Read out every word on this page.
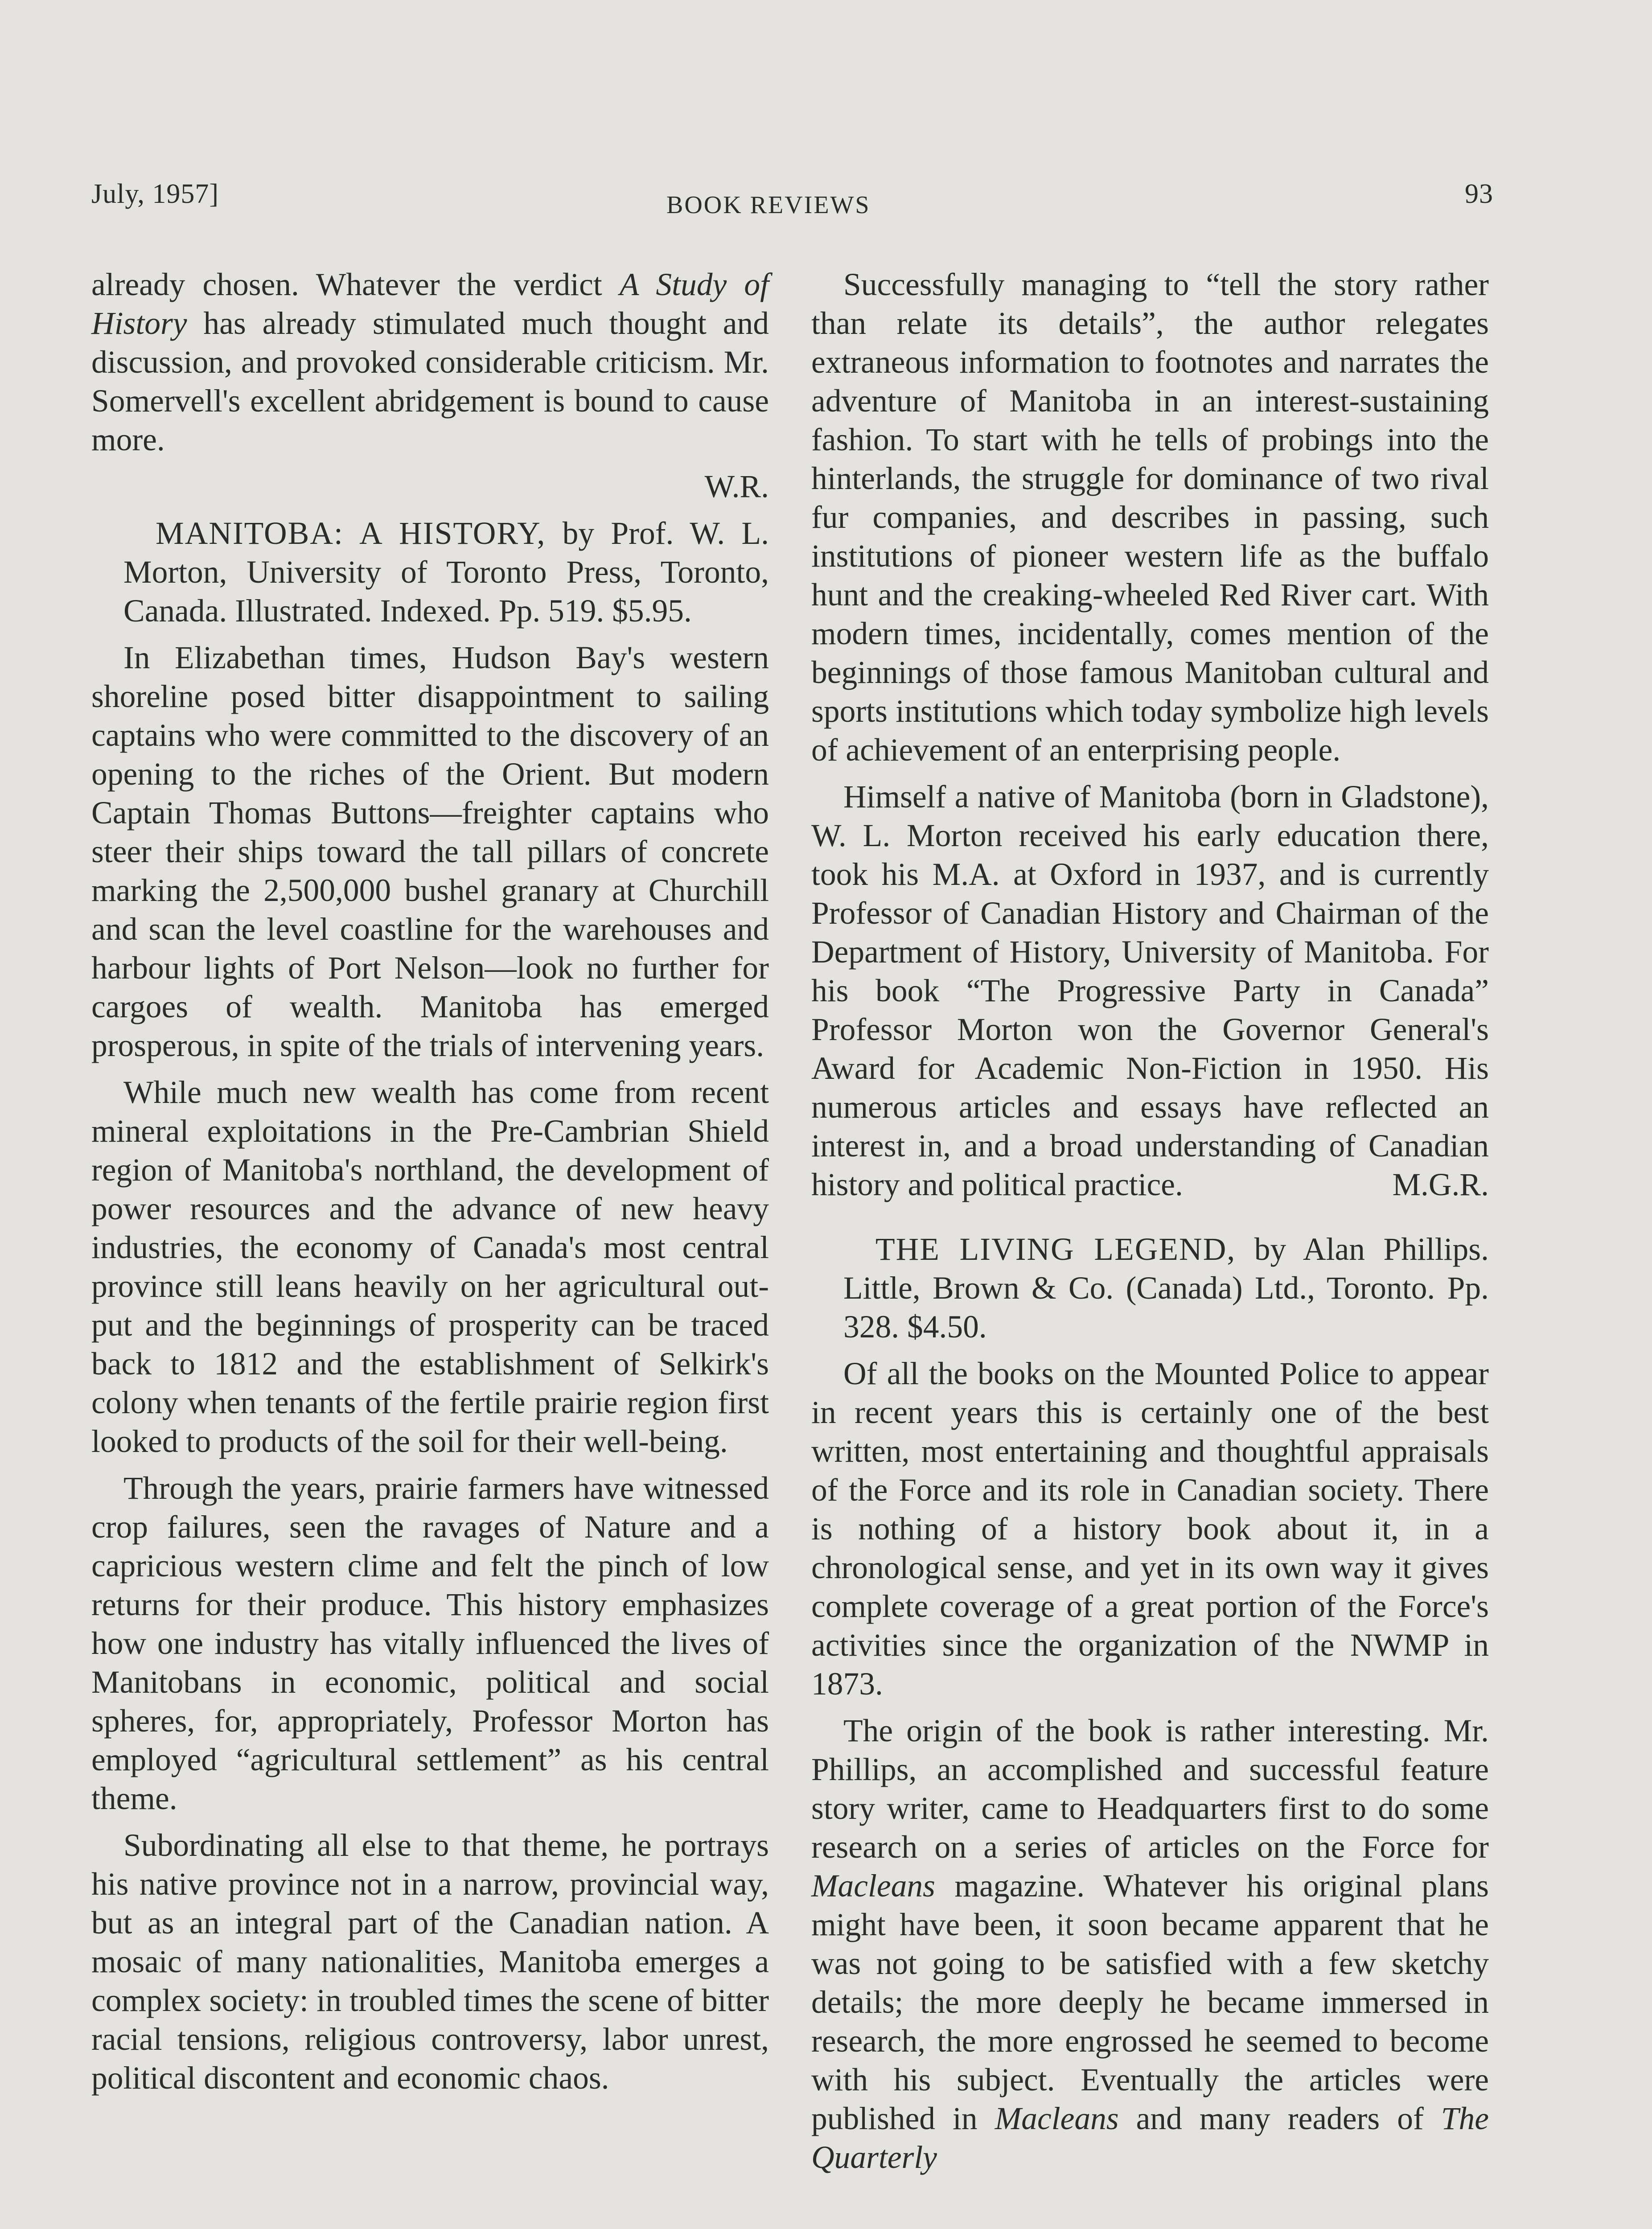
July, 1957]	BOOK REVIEWS	93

already chosen. Whatever the verdict A Study of History has already stimulated much thought and discussion, and provoked considerable criticism. Mr. Somervell's excellent abridgement is bound to cause more.

W.R.

MANITOBA: A HISTORY, by Prof. W. L. Morton, University of Toronto Press, Toronto, Canada. Illustrated. Indexed. Pp. 519. $5.95.

In Elizabethan times, Hudson Bay's western shoreline posed bitter disappointment to sailing captains who were committed to the discovery of an opening to the riches of the Orient. But modern Captain Thomas Buttons—freighter captains who steer their ships toward the tall pillars of concrete marking the 2,500,000 bushel granary at Churchill and scan the level coastline for the warehouses and harbour lights of Port Nelson—look no further for cargoes of wealth. Manitoba has emerged prosperous, in spite of the trials of intervening years.

While much new wealth has come from recent mineral exploitations in the Pre-Cambrian Shield region of Manitoba's northland, the development of power resources and the advance of new heavy industries, the economy of Canada's most central province still leans heavily on her agricultural out-put and the beginnings of prosperity can be traced back to 1812 and the establishment of Selkirk's colony when tenants of the fertile prairie region first looked to products of the soil for their well-being.

Through the years, prairie farmers have witnessed crop failures, seen the ravages of Nature and a capricious western clime and felt the pinch of low returns for their produce. This history emphasizes how one industry has vitally influenced the lives of Manitobans in economic, political and social spheres, for, appropriately, Professor Morton has employed “agricultural settlement” as his central theme.

Subordinating all else to that theme, he portrays his native province not in a narrow, provincial way, but as an integral part of the Canadian nation. A mosaic of many nationalities, Manitoba emerges a complex society: in troubled times the scene of bitter racial tensions, religious controversy, labor unrest, political discontent and economic chaos.

Successfully managing to “tell the story rather than relate its details”, the author relegates extraneous information to footnotes and narrates the adventure of Manitoba in an interest-sustaining fashion. To start with he tells of probings into the hinterlands, the struggle for dominance of two rival fur companies, and describes in passing, such institutions of pioneer western life as the buffalo hunt and the creaking-wheeled Red River cart. With modern times, incidentally, comes mention of the beginnings of those famous Manitoban cultural and sports institutions which today symbolize high levels of achievement of an enterprising people.

Himself a native of Manitoba (born in Gladstone), W. L. Morton received his early education there, took his M.A. at Oxford in 1937, and is currently Professor of Canadian History and Chairman of the Department of History, University of Manitoba. For his book “The Progressive Party in Canada” Professor Morton won the Governor General's Award for Academic Non-Fiction in 1950. His numerous articles and essays have reflected an interest in, and a broad understanding of Canadian history and political practice.	M.G.R.

THE LIVING LEGEND, by Alan Phillips. Little, Brown & Co. (Canada) Ltd., Toronto. Pp. 328. $4.50.

Of all the books on the Mounted Police to appear in recent years this is certainly one of the best written, most entertaining and thoughtful appraisals of the Force and its role in Canadian society. There is nothing of a history book about it, in a chronological sense, and yet in its own way it gives complete coverage of a great portion of the Force's activities since the organization of the NWMP in 1873.

The origin of the book is rather interesting. Mr. Phillips, an accomplished and successful feature story writer, came to Headquarters first to do some research on a series of articles on the Force for Macleans magazine. Whatever his original plans might have been, it soon became apparent that he was not going to be satisfied with a few sketchy details; the more deeply he became immersed in research, the more engrossed he seemed to become with his subject. Eventually the articles were published in Macleans and many readers of The Quarterly
